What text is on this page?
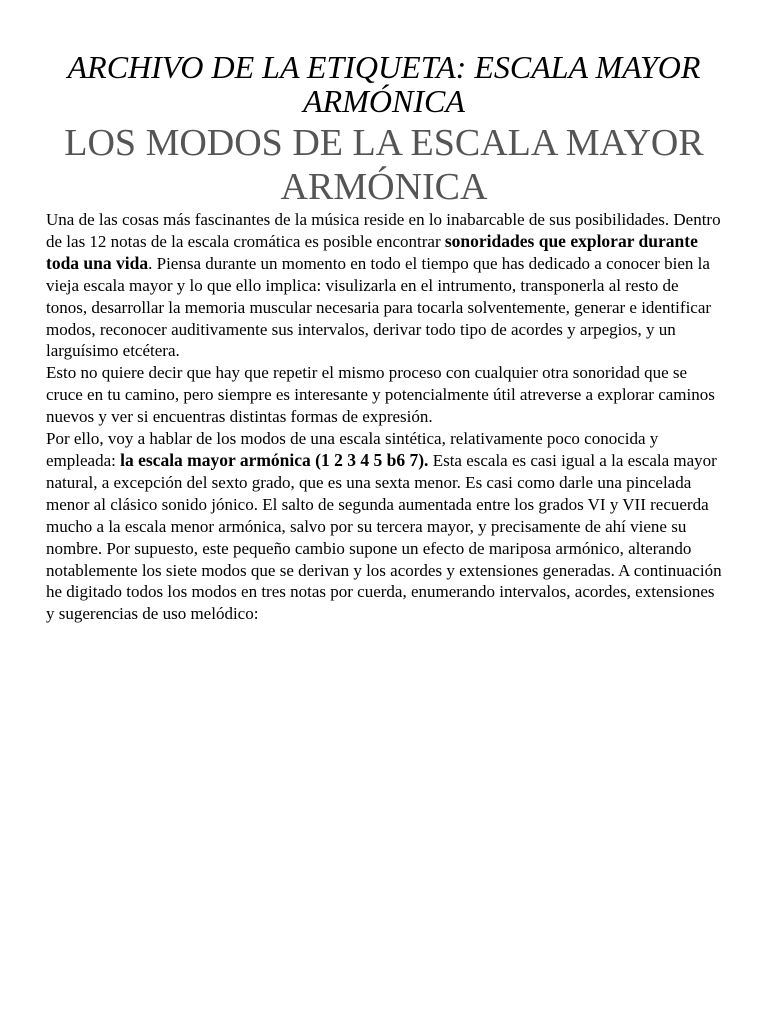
ARCHIVO DE LA ETIQUETA: ESCALA MAYOR ARMÓNICA
LOS MODOS DE LA ESCALA MAYOR ARMÓNICA

Una de las cosas más fascinantes de la música reside en lo inabarcable de sus posibilidades. Dentro de las 12 notas de la escala cromática es posible encontrar sonoridades que explorar durante toda una vida. Piensa durante un momento en todo el tiempo que has dedicado a conocer bien la vieja escala mayor y lo que ello implica: visulizarla en el intrumento, transponerla al resto de tonos, desarrollar la memoria muscular necesaria para tocarla solventemente, generar e identificar modos, reconocer auditivamente sus intervalos, derivar todo tipo de acordes y arpegios, y un larguísimo etcétera.

Esto no quiere decir que hay que repetir el mismo proceso con cualquier otra sonoridad que se cruce en tu camino, pero siempre es interesante y potencialmente útil atreverse a explorar caminos nuevos y ver si encuentras distintas formas de expresión.

Por ello, voy a hablar de los modos de una escala sintética, relativamente poco conocida y empleada: la escala mayor armónica (1 2 3 4 5 b6 7). Esta escala es casi igual a la escala mayor natural, a excepción del sexto grado, que es una sexta menor. Es casi como darle una pincelada menor al clásico sonido jónico. El salto de segunda aumentada entre los grados VI y VII recuerda mucho a la escala menor armónica, salvo por su tercera mayor, y precisamente de ahí viene su nombre. Por supuesto, este pequeño cambio supone un efecto de mariposa armónico, alterando notablemente los siete modos que se derivan y los acordes y extensiones generadas. A continuación he digitado todos los modos en tres notas por cuerda, enumerando intervalos, acordes, extensiones y sugerencias de uso melódico:
